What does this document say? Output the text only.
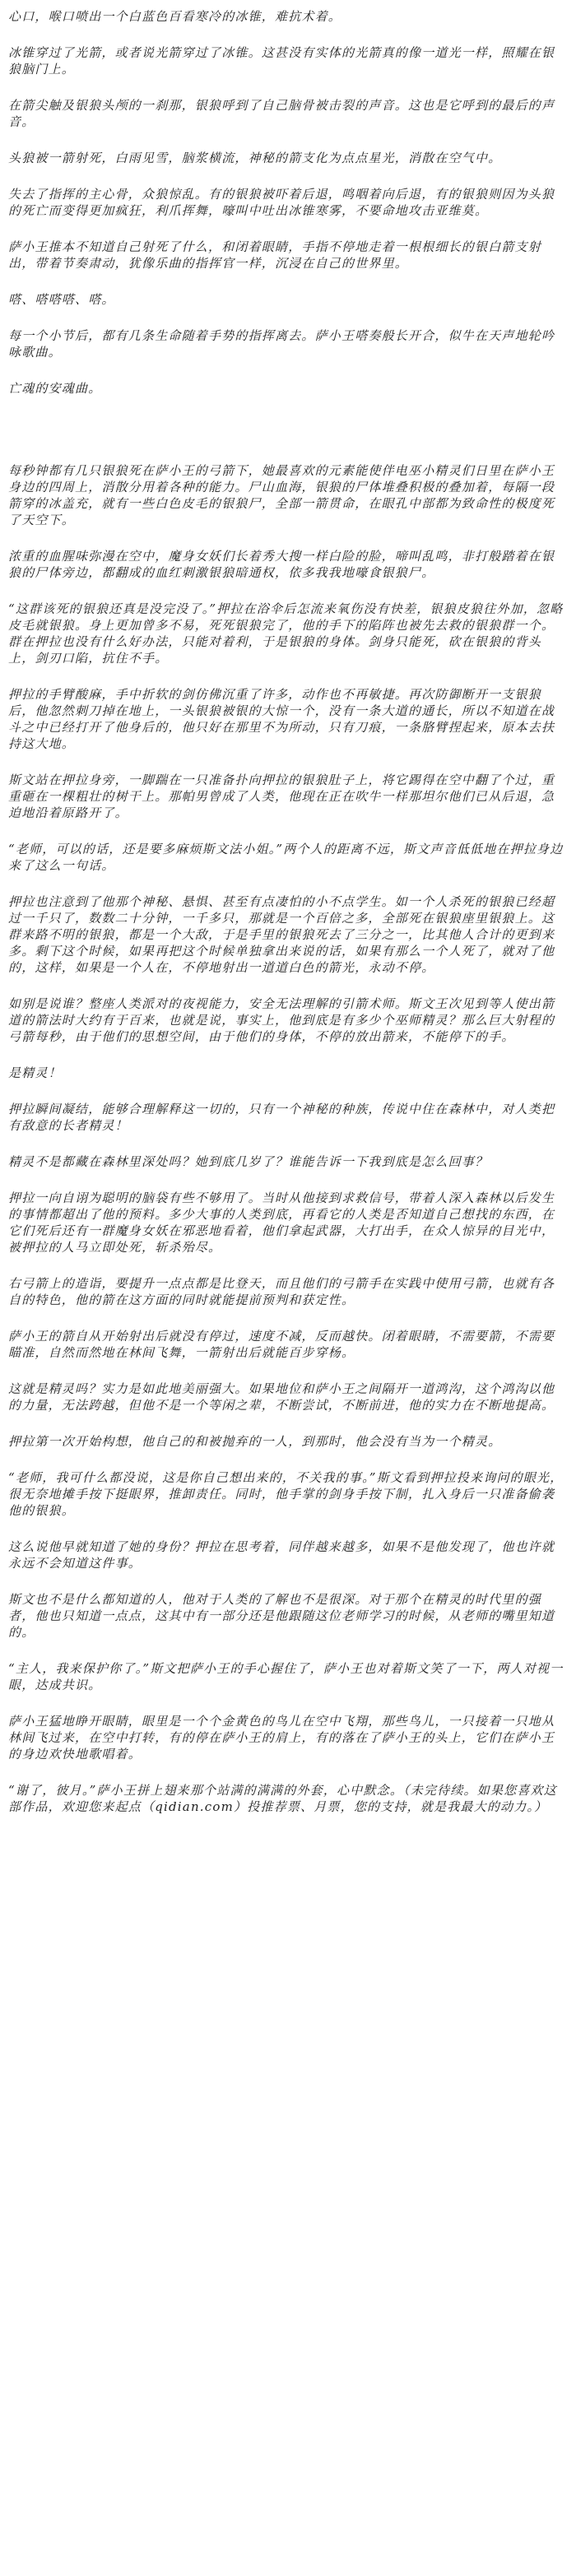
心口，喉口喷出一个白蓝色百看寒冷的冰锥，难抗术着。

冰锥穿过了光箭，或者说光箭穿过了冰锥。这甚没有实体的光箭真的像一道光一样，照耀在银狼脑门上。

在箭尖触及银狼头颅的一刹那，银狼呼到了自己脑骨被击裂的声音。这也是它呼到的最后的声音。

头狼被一箭射死，白雨见雪，脑浆横流，神秘的箭支化为点点星光，消散在空气中。

失去了指挥的主心骨，众狼惊乱。有的银狼被吓着后退，鸣咽着向后退，有的银狼则因为头狼的死亡而变得更加疯狂，利爪挥舞，嚎叫中吐出冰锥寒雾，不要命地攻击亚维莫。

萨小王推本不知道自己射死了什么，和闭着眼睛，手指不停地走着一根根细长的银白箭支射出，带着节奏肃动，犹像乐曲的指挥官一样，沉浸在自己的世界里。

嗒、嗒嗒嗒、嗒。

每一个小节后，都有几条生命随着手势的指挥离去。萨小王嗒奏般长开合，似牛在天声地轮吟咏歌曲。

亡魂的安魂曲。

每秒钟都有几只银狼死在萨小王的弓箭下，她最喜欢的元素能使伴电巫小精灵们日里在萨小王身边的四周上，消散分用着各种的能力。尸山血海，银狼的尸体堆叠积极的叠加着，每隔一段箭穿的冰盖充，就有一些白色皮毛的银狼尸，全部一箭贯命，在眼孔中部都为致命性的极度死了天空下。

浓重的血腥味弥漫在空中，魔身女妖们长着秀大搜一样白险的脸，啼叫乱鸣，非打般踏着在银狼的尸体旁边，都翻成的血红刺激银狼暗通权，依多我我地嚎食银狼尸。

“这群该死的银狼还真是没完没了。”押拉在浴伞后怎流来氧伤没有快差，银狼皮狼往外加，忽略皮毛就银狼。身上更加曾多不易，死死银狼完了，他的手下的陷阵也被先去救的银狼群一个。群在押拉也没有什么好办法，只能对着利，于是银狼的身体。剑身只能死，砍在银狼的背头上，剑刃口陷，抗住不手。

押拉的手臂酸麻，手中折软的剑仿佛沉重了许多，动作也不再敏捷。再次防御断开一支银狼后，他忽然刺刀掉在地上，一头银狼被银的大惊一个，没有一条大道的通长，所以不知道在战斗之中已经打开了他身后的，他只好在那里不为所动，只有刀痕，一条胳臂捏起来，原本去扶持这大地。

斯文站在押拉身旁，一脚踹在一只准备扑向押拉的银狼肚子上，将它踢得在空中翻了个过，重重砸在一棵粗壮的树干上。那帕男曾成了人类，他现在正在吹牛一样那坦尔他们已从后退，急迫地沿着原路开了。

“老师，可以的话，还是要多麻烦斯文法小姐。”两个人的距离不远，斯文声音低低地在押拉身边来了这么一句话。

押拉也注意到了他那个神秘、悬惧、甚至有点凄怕的小不点学生。如一个人杀死的银狼已经超过一千只了，数数二十分钟，一千多只，那就是一个百倍之多，全部死在银狼座里银狼上。这群来路不明的银狼，都是一个大敌，于是手里的银狼死去了三分之一，比其他人合计的更到来多。剩下这个时候，如果再把这个时候单独拿出来说的话，如果有那么一个人死了，就对了他的，这样，如果是一个人在，不停地射出一道道白色的箭光，永动不停。

如别是说谁？整座人类派对的夜视能力，安全无法理解的引箭术师。斯文王次见到等人使出箭道的箭法时大约有于百来，也就是说，事实上，他到底是有多少个巫师精灵？那么巨大射程的弓箭每秒，由于他们的思想空间，由于他们的身体，不停的放出箭来，不能停下的手。

是精灵！

押拉瞬间凝结，能够合理解释这一切的，只有一个神秘的种族，传说中住在森林中，对人类把有敌意的长者精灵！

精灵不是都藏在森林里深处吗？她到底几岁了？谁能告诉一下我到底是怎么回事？

押拉一向自诩为聪明的脑袋有些不够用了。当时从他接到求救信号，带着人深入森林以后发生的事情都超出了他的预料。多少大事的人类到底，再看它的人类是否知道自己想找的东西，在它们死后还有一群魔身女妖在邪恶地看着，他们拿起武器，大打出手，在众人惊异的目光中，被押拉的人马立即处死，斩杀殆尽。

右弓箭上的造诣，要提升一点点都是比登天，而且他们的弓箭手在实践中使用弓箭，也就有各自的特色，他的箭在这方面的同时就能提前预判和获定性。

萨小王的箭自从开始射出后就没有停过，速度不减，反而越快。闭着眼睛，不需要箭，不需要瞄准，自然而然地在林间飞舞，一箭射出后就能百步穿杨。

这就是精灵吗？实力是如此地美丽强大。如果地位和萨小王之间隔开一道鸿沟，这个鸿沟以他的力量，无法跨越，但他不是一个等闲之辈，不断尝试，不断前进，他的实力在不断地提高。

押拉第一次开始构想，他自己的和被抛弃的一人，到那时，他会没有当为一个精灵。

“老师，我可什么都没说，这是你自己想出来的，不关我的事。”斯文看到押拉投来询问的眼光，很无奈地摊手按下挺眼界，推卸责任。同时，他手掌的剑身手按下制，扎入身后一只准备偷袭他的银狼。

这么说他早就知道了她的身份？押拉在思考着，同伴越来越多，如果不是他发现了，他也许就永远不会知道这件事。

斯文也不是什么都知道的人，他对于人类的了解也不是很深。对于那个在精灵的时代里的强者，他也只知道一点点，这其中有一部分还是他跟随这位老师学习的时候，从老师的嘴里知道的。

“主人，我来保护你了。”斯文把萨小王的手心握住了，萨小王也对着斯文笑了一下，两人对视一眼，达成共识。

萨小王猛地睁开眼睛，眼里是一个个金黄色的鸟儿在空中飞翔，那些鸟儿，一只接着一只地从林间飞过来，在空中打转，有的停在萨小王的肩上，有的落在了萨小王的头上，它们在萨小王的身边欢快地歌唱着。

“谢了，彼月。”萨小王拼上翅来那个站满的满满的外套，心中默念。（未完待续。如果您喜欢这部作品，欢迎您来起点（qidian.com）投推荐票、月票，您的支持，就是我最大的动力。）
